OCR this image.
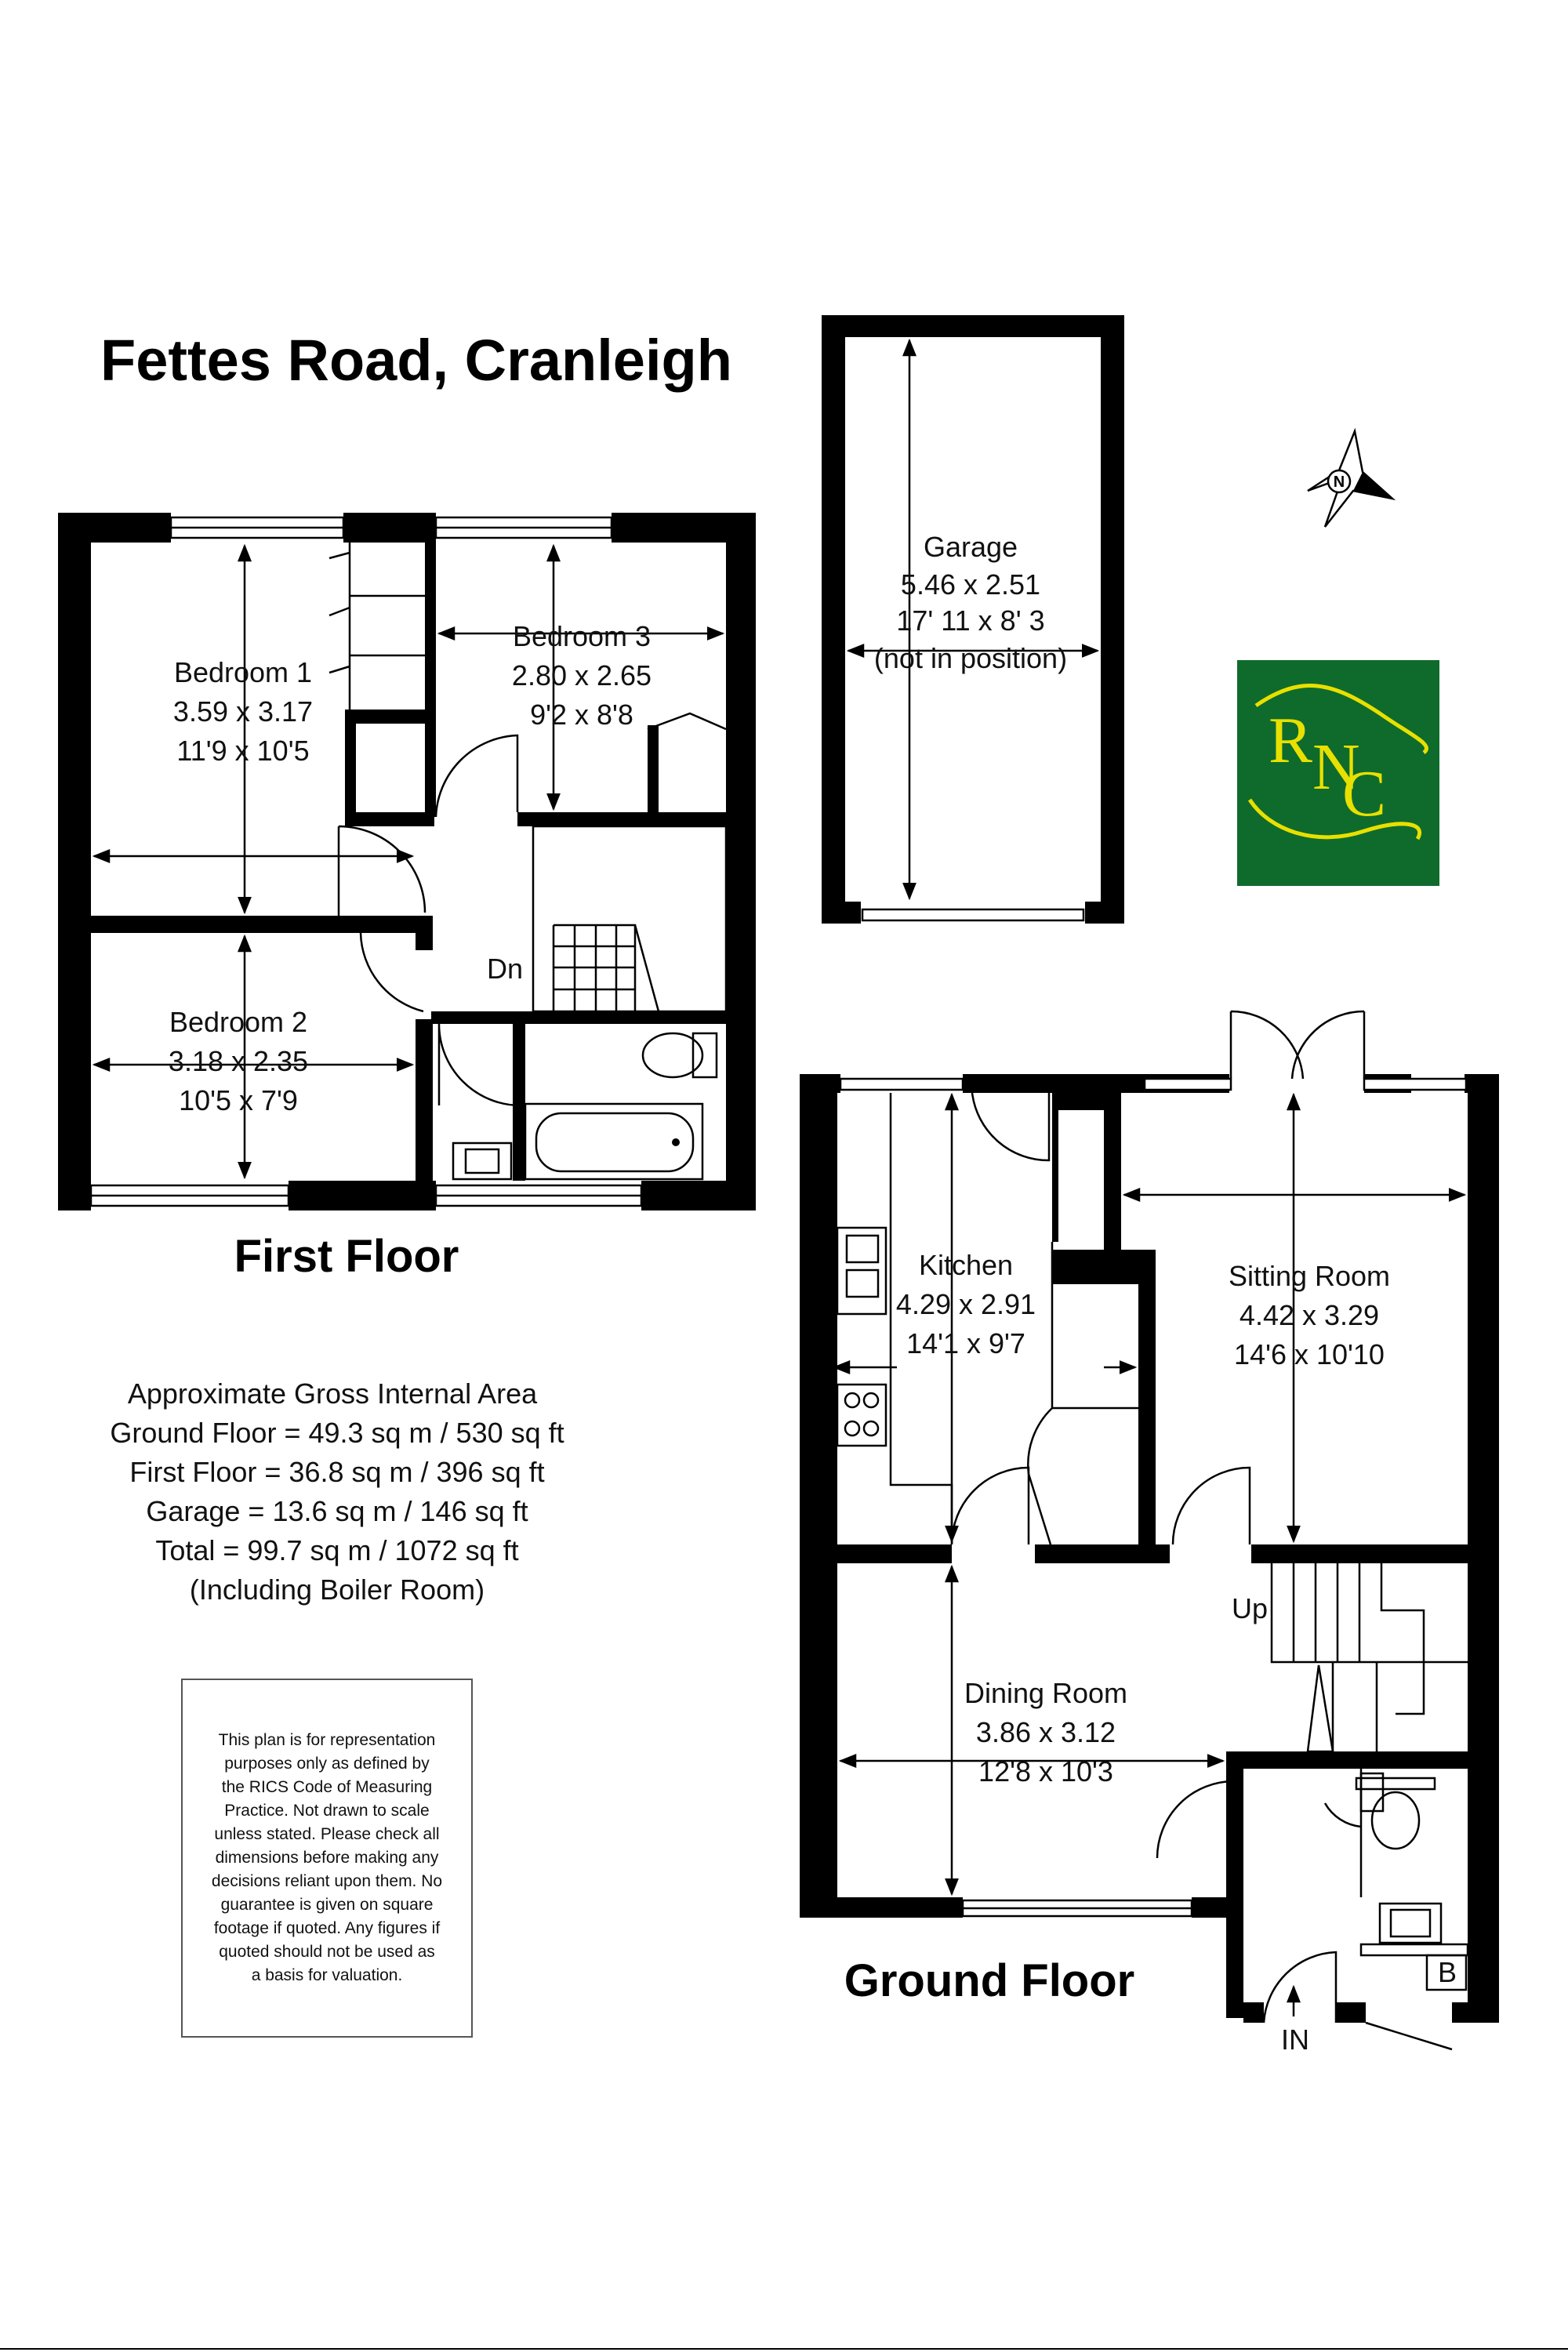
Fettes Road, Cranleigh
Bedroom 1
3.59 x 3.17
11'9 x 10'5
Bedroom 2
3.18 x 2.35
10'5 x 7'9
Bedroom 3
2.80 x 2.65
9'2 x 8'8
Dn
First Floor
Garage
5.46 x 2.51
17' 11 x 8' 3
(not in position)
N
R N
C
Approximate Gross Internal Area
Ground Floor = 49.3 sq m / 530 sq ft
First Floor = 36.8 sq m / 396 sq ft
Garage = 13.6 sq m / 146 sq ft
Total = 99.7 sq m / 1072 sq ft
(Including Boiler Room)
This plan is for representation
purposes only as defined by
the RICS Code of Measuring
Practice. Not drawn to scale
unless stated. Please check all
dimensions before making any
decisions reliant upon them. No
guarantee is given on square
footage if quoted. Any figures if
quoted should not be used as
a basis for valuation.
Kitchen
4.29 x 2.91
14'1 x 9'7
Sitting Room
4.42 x 3.29
14'6 x 10'10
Dining Room
3.86 x 3.12
12'8 x 10'3
Up
B
IN
Ground Floor
